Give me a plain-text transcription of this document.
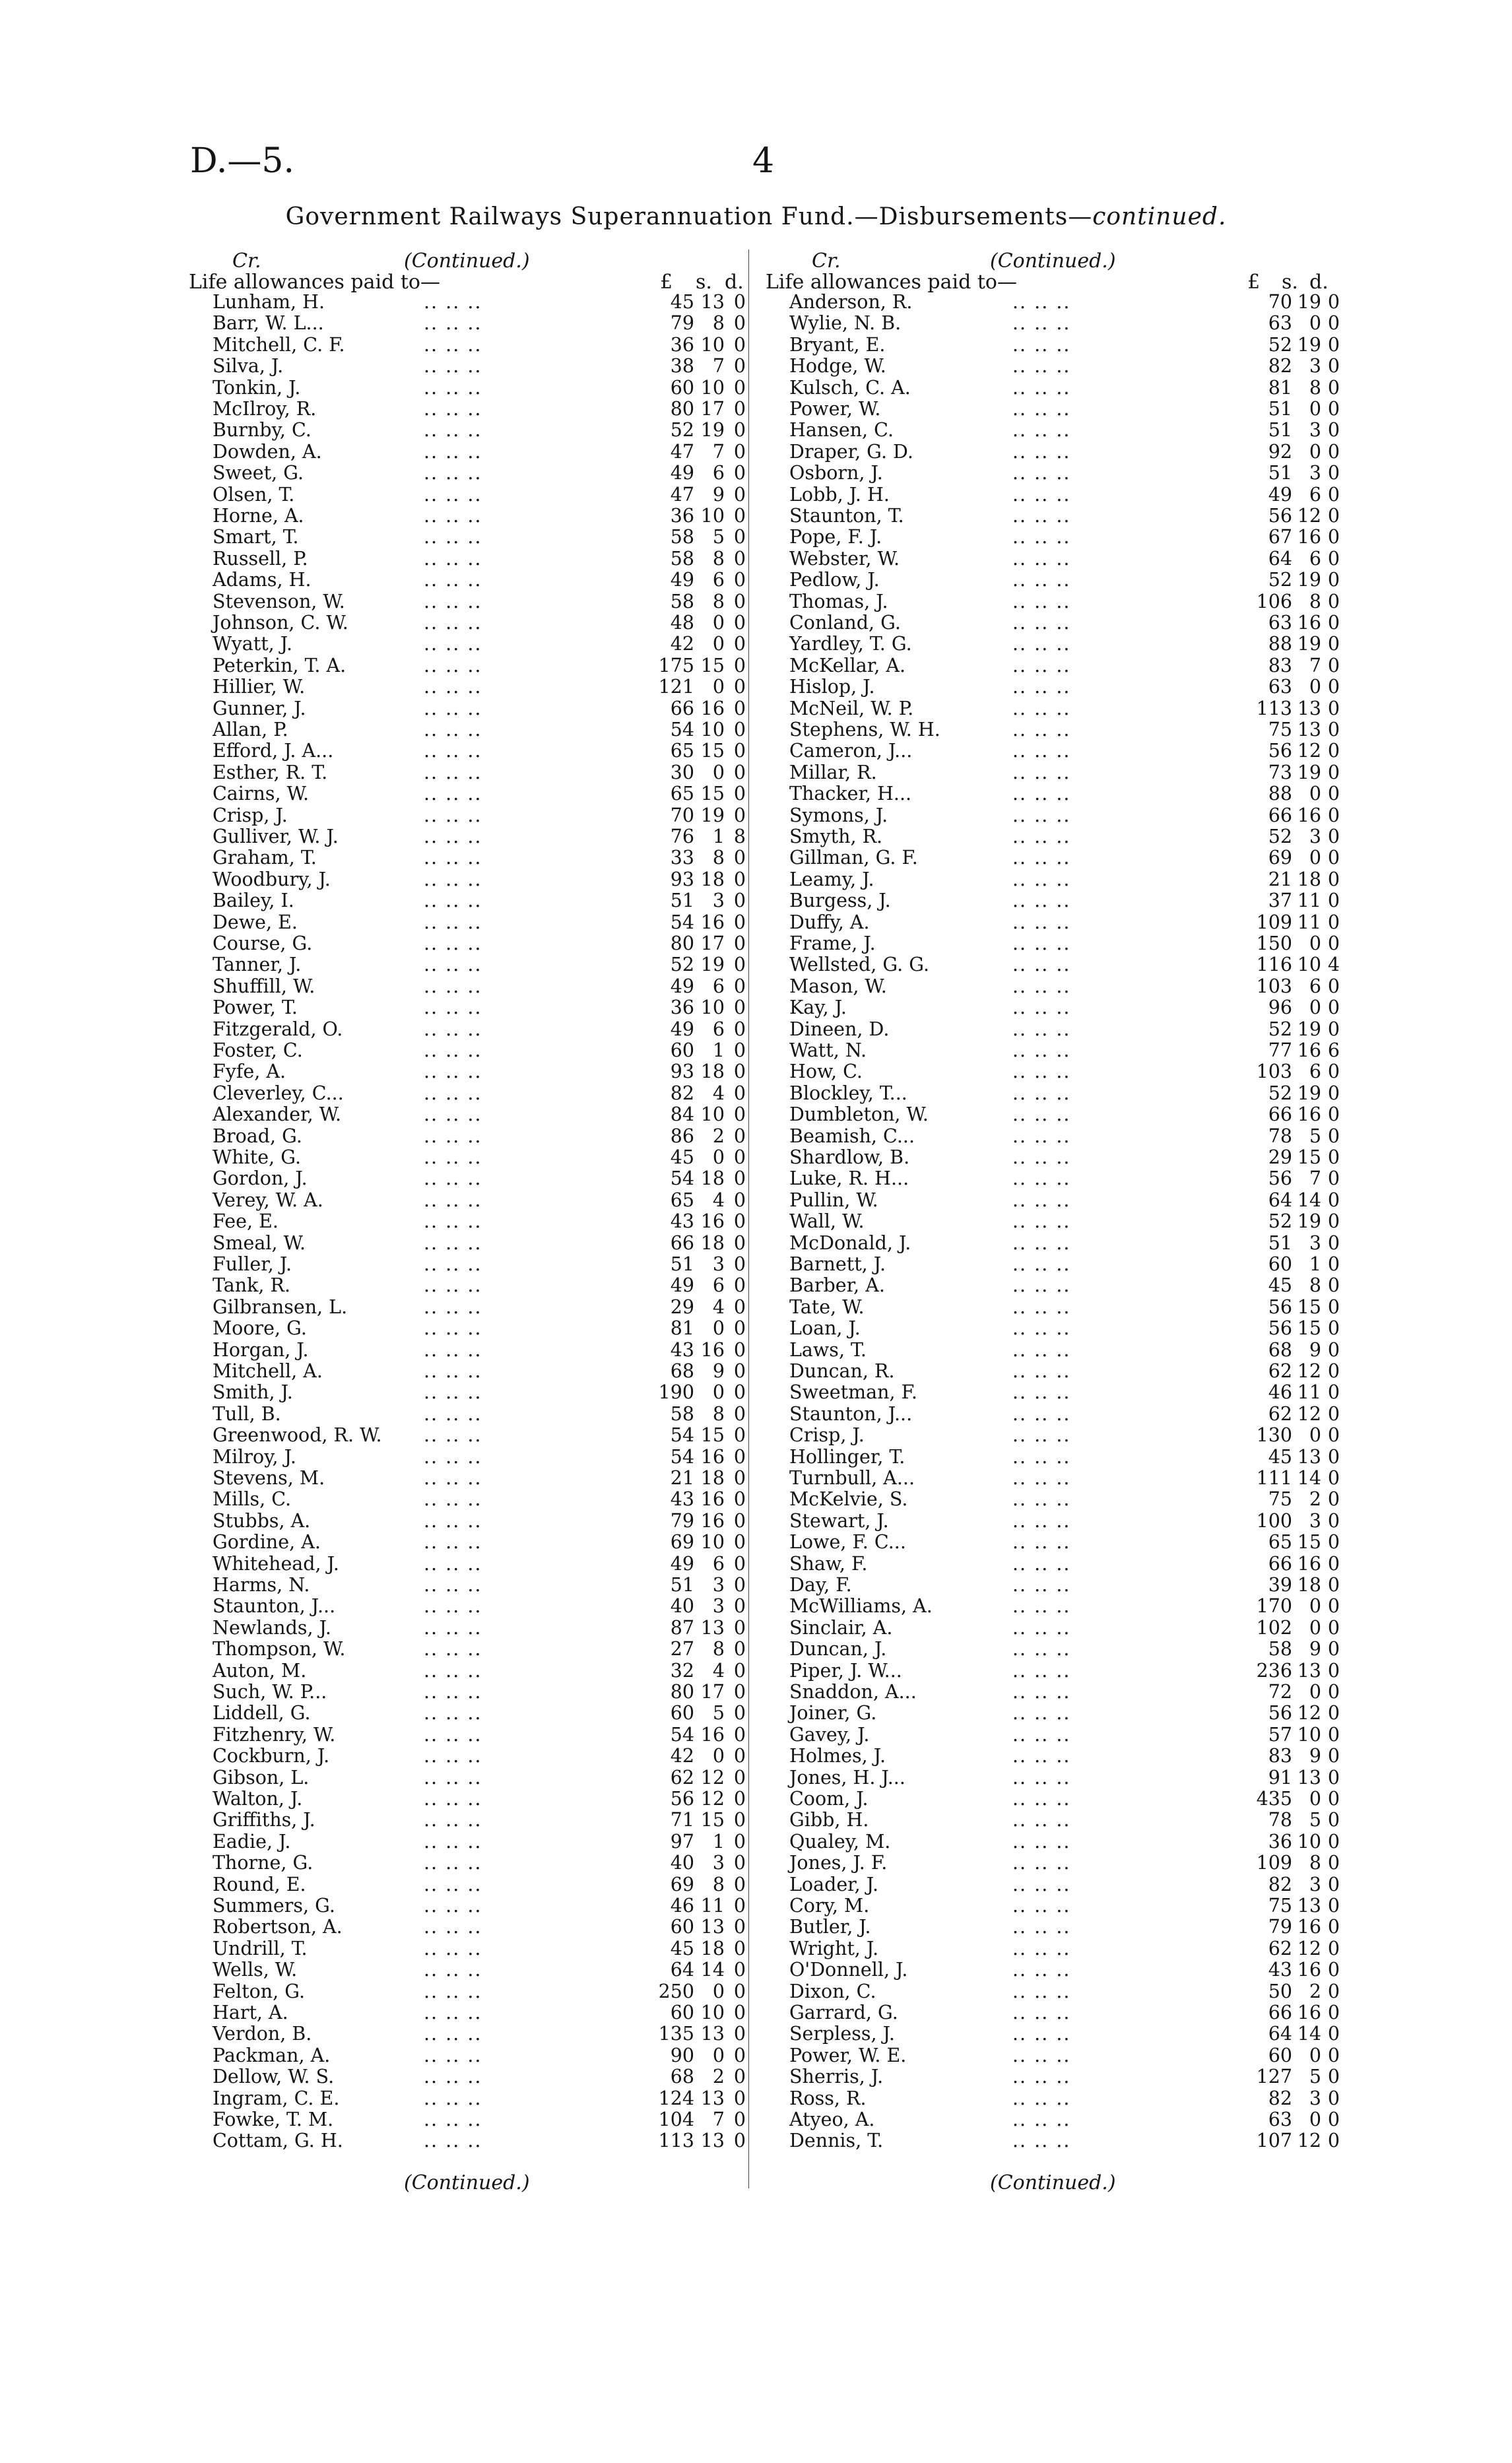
D.—5.	4
Government Railways Superannuation Fund.—Disbursements—continued.
Cr.	(Continued.)
Life allowances paid to—	£ s. d.
Cr.	(Continued.)
Life allowances paid to—	£ s. d.
Lunham, H.	.. .. ..	45 13 0
Barr, W. L...	.. .. ..	79 8 0
Mitchell, C. F.	.. .. ..	36 10 0
Silva, J.	.. .. ..	38 7 0
Tonkin, J.	.. .. ..	60 10 0
McIlroy, R.	.. .. ..	80 17 0
Burnby, C.	.. .. ..	52 19 0
Dowden, A.	.. .. ..	47 7 0
Sweet, G.	.. .. ..	49 6 0
Olsen, T.	.. .. ..	47 9 0
Horne, A.	.. .. ..	36 10 0
Smart, T.	.. .. ..	58 5 0
Russell, P.	.. .. ..	58 8 0
Adams, H.	.. .. ..	49 6 0
Stevenson, W.	.. .. ..	58 8 0
Johnson, C. W.	.. .. ..	48 0 0
Wyatt, J.	.. .. ..	42 0 0
Peterkin, T. A.	.. .. ..	175 15 0
Hillier, W.	.. .. ..	121 0 0
Gunner, J.	.. .. ..	66 16 0
Allan, P.	.. .. ..	54 10 0
Efford, J. A...	.. .. ..	65 15 0
Esther, R. T.	.. .. ..	30 0 0
Cairns, W.	.. .. ..	65 15 0
Crisp, J.	.. .. ..	70 19 0
Gulliver, W. J.	.. .. ..	76 1 8
Graham, T.	.. .. ..	33 8 0
Woodbury, J.	.. .. ..	93 18 0
Bailey, I.	.. .. ..	51 3 0
Dewe, E.	.. .. ..	54 16 0
Course, G.	.. .. ..	80 17 0
Tanner, J.	.. .. ..	52 19 0
Shuffill, W.	.. .. ..	49 6 0
Power, T.	.. .. ..	36 10 0
Fitzgerald, O.	.. .. ..	49 6 0
Foster, C.	.. .. ..	60 1 0
Fyfe, A.	.. .. ..	93 18 0
Cleverley, C...	.. .. ..	82 4 0
Alexander, W.	.. .. ..	84 10 0
Broad, G.	.. .. ..	86 2 0
White, G.	.. .. ..	45 0 0
Gordon, J.	.. .. ..	54 18 0
Verey, W. A.	.. .. ..	65 4 0
Fee, E.	.. .. ..	43 16 0
Smeal, W.	.. .. ..	66 18 0
Fuller, J.	.. .. ..	51 3 0
Tank, R.	.. .. ..	49 6 0
Gilbransen, L.	.. .. ..	29 4 0
Moore, G.	.. .. ..	81 0 0
Horgan, J.	.. .. ..	43 16 0
Mitchell, A.	.. .. ..	68 9 0
Smith, J.	.. .. ..	190 0 0
Tull, B.	.. .. ..	58 8 0
Greenwood, R. W. .. .. ..	54 15 0
Milroy, J.	.. .. ..	54 16 0
Stevens, M.	.. .. ..	21 18 0
Mills, C.	.. .. ..	43 16 0
Stubbs, A.	.. .. ..	79 16 0
Gordine, A.	.. .. ..	69 10 0
Whitehead, J.	.. .. ..	49 6 0
Harms, N.	.. .. ..	51 3 0
Staunton, J...	.. .. ..	40 3 0
Newlands, J.	.. .. ..	87 13 0
Thompson, W.	.. .. ..	27 8 0
Auton, M.	.. .. ..	32 4 0
Such, W. P...	.. .. ..	80 17 0
Liddell, G.	.. .. ..	60 5 0
Fitzhenry, W.	.. .. ..	54 16 0
Cockburn, J.	.. .. ..	42 0 0
Gibson, L.	.. .. ..	62 12 0
Walton, J.	.. .. ..	56 12 0
Griffiths, J.	.. .. ..	71 15 0
Eadie, J.	.. .. ..	97 1 0
Thorne, G.	.. .. ..	40 3 0
Round, E.	.. .. ..	69 8 0
Summers, G.	.. .. ..	46 11 0
Robertson, A.	.. .. ..	60 13 0
Undrill, T.	.. .. ..	45 18 0
Wells, W.	.. .. ..	64 14 0
Felton, G.	.. .. ..	250 0 0
Hart, A.	.. .. ..	60 10 0
Verdon, B.	.. .. ..	135 13 0
Packman, A.	.. .. ..	90 0 0
Dellow, W. S.	.. .. ..	68 2 0
Ingram, C. E.	.. .. ..	124 13 0
Fowke, T. M.	.. .. ..	104 7 0
Cottam, G. H.	.. .. ..	113 13 0
Anderson, R.	.. .. ..	70 19 0
Wylie, N. B.	.. .. ..	63 0 0
Bryant, E.	.. .. ..	52 19 0
Hodge, W.	.. .. ..	82 3 0
Kulsch, C. A.	.. .. ..	81 8 0
Power, W.	.. .. ..	51 0 0
Hansen, C.	.. .. ..	51 3 0
Draper, G. D.	.. .. ..	92 0 0
Osborn, J.	.. .. ..	51 3 0
Lobb, J. H.	.. .. ..	49 6 0
Staunton, T.	.. .. ..	56 12 0
Pope, F. J.	.. .. ..	67 16 0
Webster, W.	.. .. ..	64 6 0
Pedlow, J.	.. .. ..	52 19 0
Thomas, J.	.. .. ..	106 8 0
Conland, G.	.. .. ..	63 16 0
Yardley, T. G.	.. .. ..	88 19 0
McKellar, A.	.. .. ..	83 7 0
Hislop, J.	.. .. ..	63 0 0
McNeil, W. P.	.. .. ..	113 13 0
Stephens, W. H.	.. .. ..	75 13 0
Cameron, J...	.. .. ..	56 12 0
Millar, R.	.. .. ..	73 19 0
Thacker, H...	.. .. ..	88 0 0
Symons, J.	.. .. ..	66 16 0
Smyth, R.	.. .. ..	52 3 0
Gillman, G. F.	.. .. ..	69 0 0
Leamy, J.	.. .. ..	21 18 0
Burgess, J.	.. .. ..	37 11 0
Duffy, A.	.. .. ..	109 11 0
Frame, J.	.. .. ..	150 0 0
Wellsted, G. G.	.. .. ..	116 10 4
Mason, W.	.. .. ..	103 6 0
Kay, J.	.. .. ..	96 0 0
Dineen, D.	.. .. ..	52 19 0
Watt, N.	.. .. ..	77 16 6
How, C.	.. .. ..	103 6 0
Blockley, T...	.. .. ..	52 19 0
Dumbleton, W.	.. .. ..	66 16 0
Beamish, C...	.. .. ..	78 5 0
Shardlow, B.	.. .. ..	29 15 0
Luke, R. H...	.. .. ..	56 7 0
Pullin, W.	.. .. ..	64 14 0
Wall, W.	.. .. ..	52 19 0
McDonald, J.	.. .. ..	51 3 0
Barnett, J.	.. .. ..	60 1 0
Barber, A.	.. .. ..	45 8 0
Tate, W.	.. .. ..	56 15 0
Loan, J.	.. .. ..	56 15 0
Laws, T.	.. .. ..	68 9 0
Duncan, R.	.. .. ..	62 12 0
Sweetman, F.	.. .. ..	46 11 0
Staunton, J...	.. .. ..	62 12 0
Crisp, J.	.. .. ..	130 0 0
Hollinger, T.	.. .. ..	45 13 0
Turnbull, A...	.. .. ..	111 14 0
McKelvie, S.	.. .. ..	75 2 0
Stewart, J.	.. .. ..	100 3 0
Lowe, F. C...	.. .. ..	65 15 0
Shaw, F.	.. .. ..	66 16 0
Day, F.	.. .. ..	39 18 0
McWilliams, A.	.. .. ..	170 0 0
Sinclair, A.	.. .. ..	102 0 0
Duncan, J.	.. .. ..	58 9 0
Piper, J. W...	.. .. ..	236 13 0
Snaddon, A...	.. .. ..	72 0 0
Joiner, G.	.. .. ..	56 12 0
Gavey, J.	.. .. ..	57 10 0
Holmes, J.	.. .. ..	83 9 0
Jones, H. J...	.. .. ..	91 13 0
Coom, J.	.. .. ..	435 0 0
Gibb, H.	.. .. ..	78 5 0
Qualey, M.	.. .. ..	36 10 0
Jones, J. F.	.. .. ..	109 8 0
Loader, J.	.. .. ..	82 3 0
Cory, M.	.. .. ..	75 13 0
Butler, J.	.. .. ..	79 16 0
Wright, J.	.. .. ..	62 12 0
O'Donnell, J.	.. .. ..	43 16 0
Dixon, C.	.. .. ..	50 2 0
Garrard, G.	.. .. ..	66 16 0
Serpless, J.	.. .. ..	64 14 0
Power, W. E.	.. .. ..	60 0 0
Sherris, J.	.. .. ..	127 5 0
Ross, R.	.. .. ..	82 3 0
Atyeo, A.	.. .. ..	63 0 0
Dennis, T.	.. .. ..	107 12 0
(Continued.)	(Continued.)
